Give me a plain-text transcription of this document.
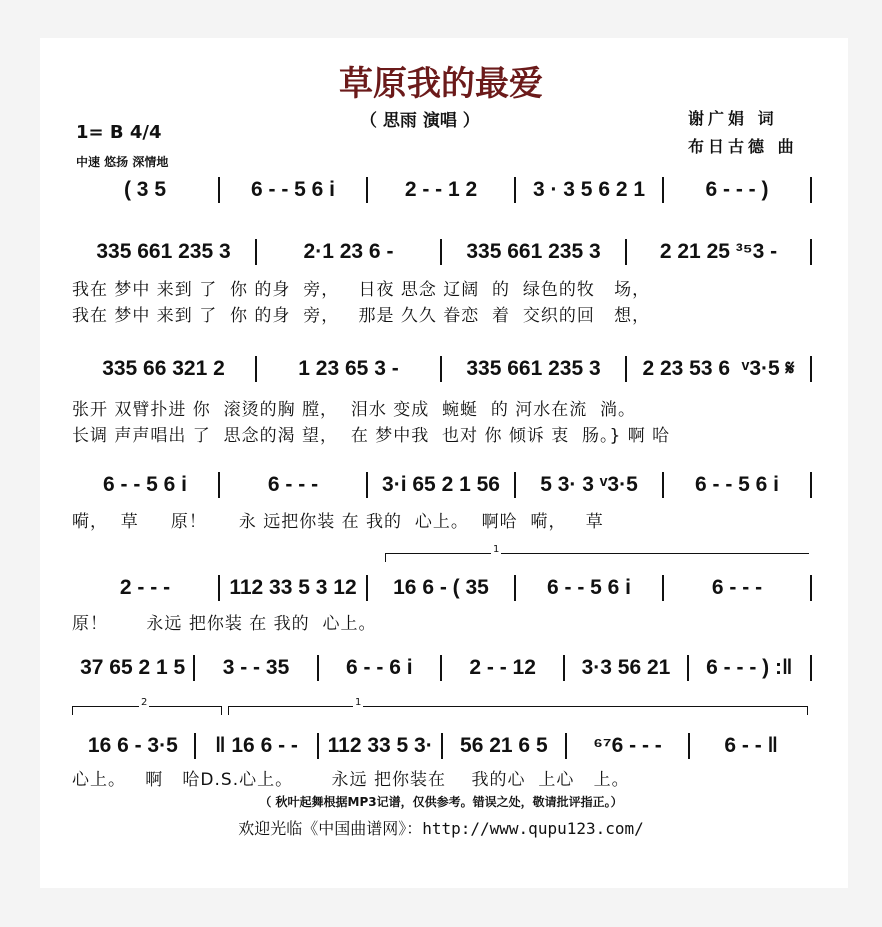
草原我的最爱
（ 思雨 演唱 ）	谢广娟 词
布日古德 曲
1= B 4/4
中速 悠扬 深情地
( 3 5	6 - - 5 6 i	2 - - 1 2	3 · 3 5 6 2 1	6 - - - )
335 661 235 3	2·1 23 6 -	335 661 235 3	2 21 25 ³⁵3 -
我在 梦中 来到 了  你 的身  旁，   日夜 思念 辽阔  的  绿色的牧   场，
我在 梦中 来到 了  你 的身  旁，   那是 久久 眷恋  着  交织的回   想，
335 66 321 2	1 23 65 3 -	335 661 235 3	2 23 53 6  ᵛ3·5 𝄋
张开 双臂扑进 你  滚烫的胸 膛，  泪水 变成  蜿蜒  的 河水在流  淌。
长调 声声唱出 了  思念的渴 望，  在 梦中我  也对 你 倾诉 衷  肠。} 啊 哈
6 - - 5 6 i	6 - - -	3·i 65 2 1 56	5 3· 3 ᵛ3·5	6 - - 5 6 i
嗬，  草     原！     永 远把你装 在 我的  心上。  啊哈  嗬，   草
2 - - -	112 33 5 3 12	16 6 - ( 35	6 - - 5 6 i	6 - - -
原！      永远 把你装 在 我的  心上。
37 65 2 1 5	3 - - 35	6 - - 6 i	2 - - 12	3·3 56 21	6 - - - ) :‖
16 6 - 3·5	‖ 16 6 - -	112 33 5 3·	56 21 6 5	⁶⁷6 - - -	6 - - ‖
心上。   啊   哈D.S.心上。      永远 把你装在    我的心  上心   上。
1
2	1
（ 秋叶起舞根据MP3记谱，仅供参考。错误之处，敬请批评指正。）
欢迎光临《中国曲谱网》：http://www.qupu123.com/
